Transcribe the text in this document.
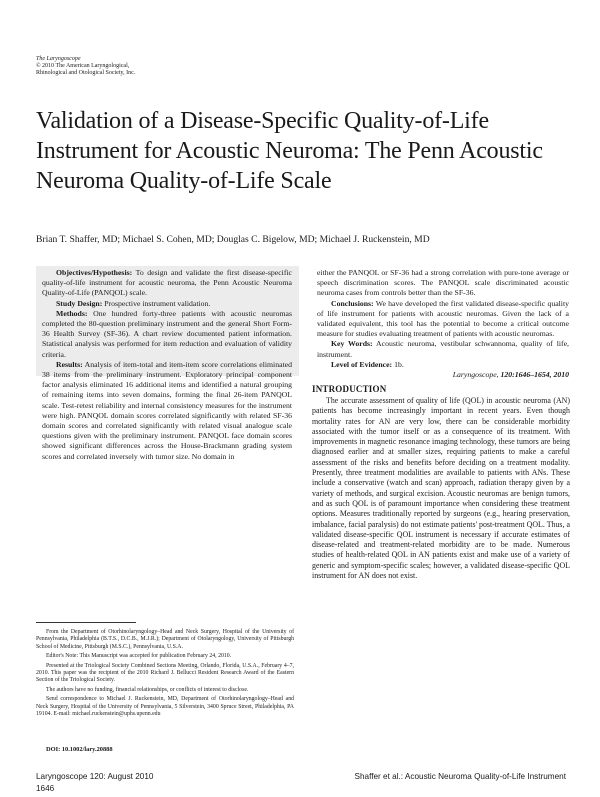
The Laryngoscope
© 2010 The American Laryngological,
Rhinological and Otological Society, Inc.
Validation of a Disease-Specific Quality-of-Life Instrument for Acoustic Neuroma: The Penn Acoustic Neuroma Quality-of-Life Scale
Brian T. Shaffer, MD; Michael S. Cohen, MD; Douglas C. Bigelow, MD; Michael J. Ruckenstein, MD

Objectives/Hypothesis: To design and validate the first disease-specific quality-of-life instrument for acoustic neuroma, the Penn Acoustic Neuroma Quality-of-Life (PANQOL) scale.

Study Design: Prospective instrument validation.

Methods: One hundred forty-three patients with acoustic neuromas completed the 80-question preliminary instrument and the general Short Form-36 Health Survey (SF-36). A chart review documented patient information. Statistical analysis was performed for item reduction and evaluation of validity criteria.

Results: Analysis of item-total and item-item score correlations eliminated 38 items from the preliminary instrument. Exploratory principal component factor analysis eliminated 16 additional items and identified a natural grouping of remaining items into seven domains, forming the final 26-item PANQOL scale. Test-retest reliability and internal consistency measures for the instrument were high. PANQOL domain scores correlated significantly with related SF-36 domain scores and correlated significantly with related visual analogue scale questions given with the preliminary instrument. PANQOL face domain scores showed significant differences across the House-Brackmann grading system scores and correlated inversely with tumor size. No domain in

either the PANQOL or SF-36 had a strong correlation with pure-tone average or speech discrimination scores. The PANQOL scale discriminated acoustic neuroma cases from controls better than the SF-36.

Conclusions: We have developed the first validated disease-specific quality of life instrument for patients with acoustic neuromas. Given the lack of a validated equivalent, this tool has the potential to become a critical outcome measure for studies evaluating treatment of patients with acoustic neuromas.

Key Words: Acoustic neuroma, vestibular schwannoma, quality of life, instrument.

Level of Evidence: 1b.

Laryngoscope, 120:1646–1654, 2010

From the Department of Otorhinolaryngology–Head and Neck Surgery, Hospital of the University of Pennsylvania, Philadelphia (B.T.S., D.C.B., M.J.R.); Department of Otolaryngology, University of Pittsburgh School of Medicine, Pittsburgh (M.S.C.), Pennsylvania, U.S.A.

Editor's Note: This Manuscript was accepted for publication February 24, 2010.

Presented at the Triological Society Combined Sections Meeting, Orlando, Florida, U.S.A., February 4–7, 2010. This paper was the recipient of the 2010 Richard J. Bellucci Resident Research Award of the Eastern Section of the Triological Society.

The authors have no funding, financial relationships, or conflicts of interest to disclose.

Send correspondence to Michael J. Ruckenstein, MD, Department of Otorhinolaryngology–Head and Neck Surgery, Hospital of the University of Pennsylvania, 5 Silverstein, 3400 Spruce Street, Philadelphia, PA 19104. E-mail: michael.ruckenstein@uphs.upenn.edu

DOI: 10.1002/lary.20888
INTRODUCTION

The accurate assessment of quality of life (QOL) in acoustic neuroma (AN) patients has become increasingly important in recent years. Even though mortality rates for AN are very low, there can be considerable morbidity associated with the tumor itself or as a consequence of its treatment. With improvements in magnetic resonance imaging technology, these tumors are being diagnosed earlier and at smaller sizes, requiring patients to make a careful assessment of the risks and benefits before deciding on a treatment modality. Presently, three treatment modalities are available to patients with ANs. These include a conservative (watch and scan) approach, radiation therapy given by a variety of methods, and surgical excision. Acoustic neuromas are benign tumors, and as such QOL is of paramount importance when considering these treatment options. Measures traditionally reported by surgeons (e.g., hearing preservation, imbalance, facial paralysis) do not estimate patients' post-treatment QOL. Thus, a validated disease-specific QOL instrument is necessary if accurate estimates of disease-related and treatment-related morbidity are to be made. Numerous studies of health-related QOL in AN patients exist and make use of a variety of generic and symptom-specific scales; however, a validated disease-specific QOL instrument for AN does not exist.

Laryngoscope 120: August 2010
1646
Shaffer et al.: Acoustic Neuroma Quality-of-Life Instrument
